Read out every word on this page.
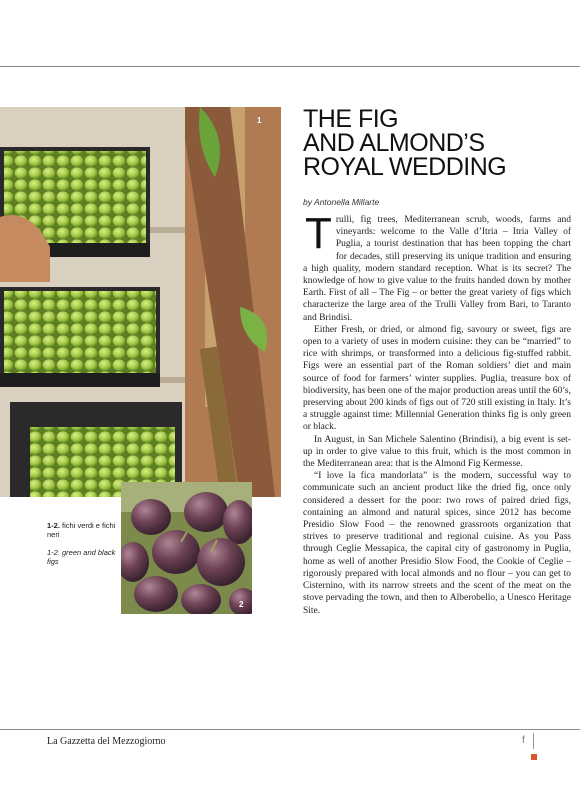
1
2
1-2. fichi verdi e fichi neri
1-2. green and black figs
THE FIG
AND ALMOND’S
ROYAL WEDDING
by Antonella Millarte

Trulli, fig trees, Mediterranean scrub, woods, farms and vineyards: welcome to the Valle d’Itria – Itria Valley of Puglia, a tourist destination that has been topping the chart for decades, still preserving its unique tradition and ensuring a high quality, modern standard reception. What is its secret? The knowledge of how to give value to the fruits handed down by mother Earth. First of all – The Fig – or better the great variety of figs which characterize the large area of the Trulli Valley from Bari, to Taranto and Brindisi.

Either Fresh, or dried, or almond fig, savoury or sweet, figs are open to a variety of uses in modern cuisine: they can be “married” to rice with shrimps, or transformed into a delicious fig-stuffed rabbit. Figs were an essential part of the Roman soldiers’ diet and main source of food for farmers’ winter supplies. Puglia, treasure box of biodiversity, has been one of the major production areas until the 60’s, preserving about 200 kinds of figs out of 720 still existing in Italy. It’s a struggle against time: Millennial Generation thinks fig is only green or black.

In August, in San Michele Salentino (Brindisi), a big event is set-up in order to give value to this fruit, which is the most common in the Mediterranean area: that is the Almond Fig Kermesse.

“I love la fica mandorlata” is the modern, successful way to communicate such an ancient product like the dried fig, once only considered a dessert for the poor: two rows of paired dried figs, containing an almond and natural spices, since 2012 has become Presidio Slow Food – the renowned grassroots organization that strives to preserve traditional and regional cuisine. As you Pass through Ceglie Messapica, the capital city of gastronomy in Puglia, home as well of another Presidio Slow Food, the Cookie of Ceglie – rigorously prepared with local almonds and no flour – you can get to Cisternino, with its narrow streets and the scent of the meat on the stove pervading the town, and then to Alberobello, a Unesco Heritage Site.

La Gazzetta del Mezzogiorno	f
